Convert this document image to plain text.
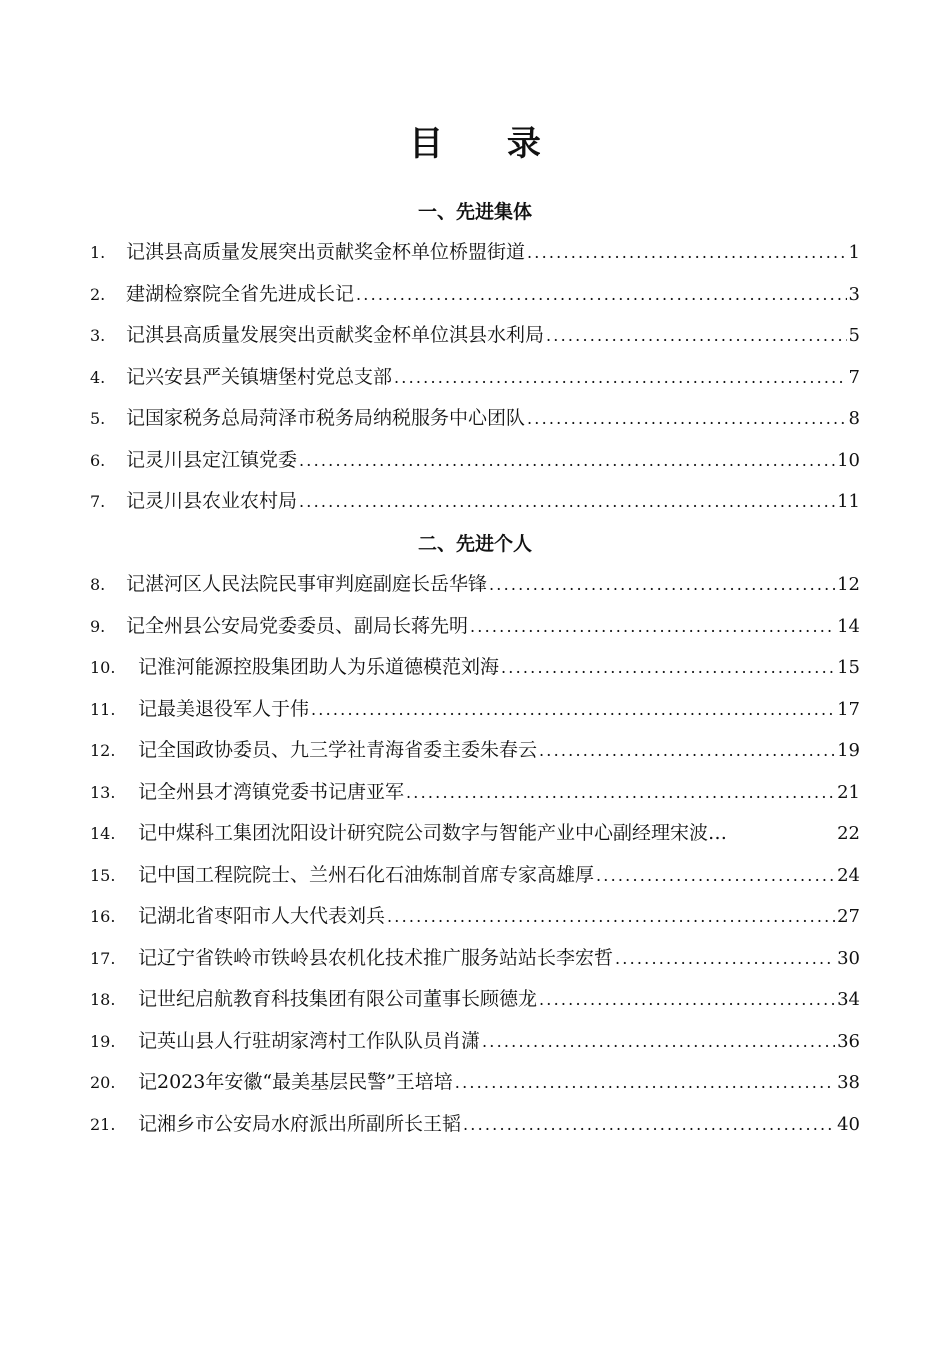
目 录
一、先进集体
1.	记淇县高质量发展突出贡献奖金杯单位桥盟街道 .....	1
2.	建湖检察院全省先进成长记 .....	3
3.	记淇县高质量发展突出贡献奖金杯单位淇县水利局 .....	5
4.	记兴安县严关镇塘堡村党总支部 .....	7
5.	记国家税务总局菏泽市税务局纳税服务中心团队 .....	8
6.	记灵川县定江镇党委 .....	10
7.	记灵川县农业农村局 .....	11
二、先进个人
8.	记湛河区人民法院民事审判庭副庭长岳华锋 .....	12
9.	记全州县公安局党委委员、副局长蒋先明 .....	14
10.	记淮河能源控股集团助人为乐道德模范刘海 .....	15
11.	记最美退役军人于伟 .....	17
12.	记全国政协委员、九三学社青海省委主委朱春云 .....	19
13.	记全州县才湾镇党委书记唐亚军 .....	21
14.	记中煤科工集团沈阳设计研究院公司数字与智能产业中心副经理宋波…	22
15.	记中国工程院院士、兰州石化石油炼制首席专家高雄厚 .....	24
16.	记湖北省枣阳市人大代表刘兵 .....	27
17.	记辽宁省铁岭市铁岭县农机化技术推广服务站站长李宏哲 .....	30
18.	记世纪启航教育科技集团有限公司董事长顾德龙 .....	34
19.	记英山县人行驻胡家湾村工作队队员肖潇 .....	36
20.	记2023年安徽“最美基层民警”王培培 .....	38
21.	记湘乡市公安局水府派出所副所长王韬 .....	40
